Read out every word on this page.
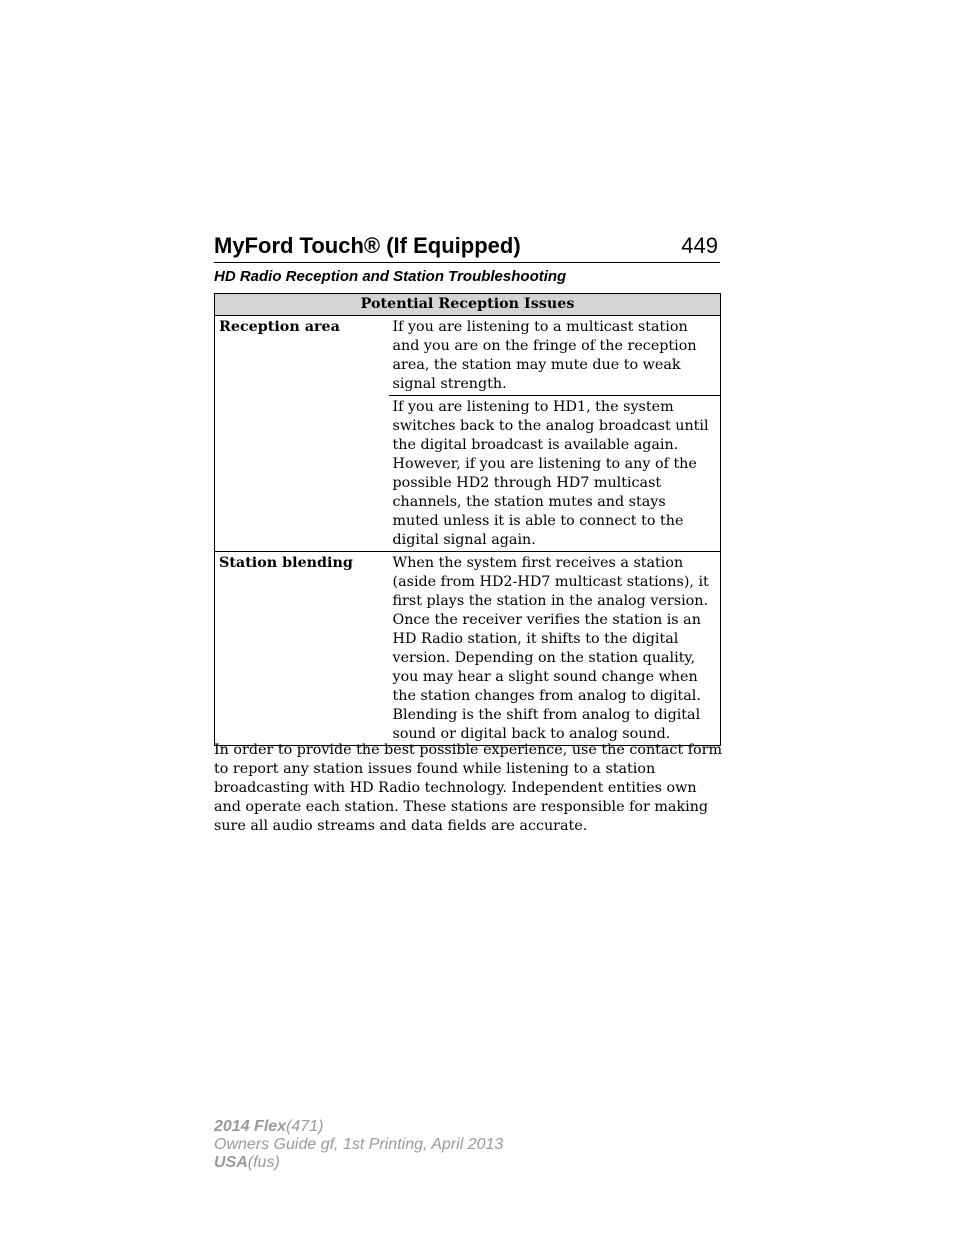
MyFord Touch® (If Equipped)	449
HD Radio Reception and Station Troubleshooting
Potential Reception Issues	
Reception area	If you are listening to a multicast station and you are on the fringe of the reception area, the station may mute due to weak signal strength.
	If you are listening to HD1, the system switches back to the analog broadcast until the digital broadcast is available again. However, if you are listening to any of the possible HD2 through HD7 multicast channels, the station mutes and stays muted unless it is able to connect to the digital signal again.
Station blending	When the system first receives a station (aside from HD2-HD7 multicast stations), it first plays the station in the analog version. Once the receiver verifies the station is an HD Radio station, it shifts to the digital version. Depending on the station quality, you may hear a slight sound change when the station changes from analog to digital. Blending is the shift from analog to digital sound or digital back to analog sound.
In order to provide the best possible experience, use the contact form to report any station issues found while listening to a station broadcasting with HD Radio technology. Independent entities own and operate each station. These stations are responsible for making sure all audio streams and data fields are accurate.
2014 Flex(471)
Owners Guide gf, 1st Printing, April 2013
USA(fus)
